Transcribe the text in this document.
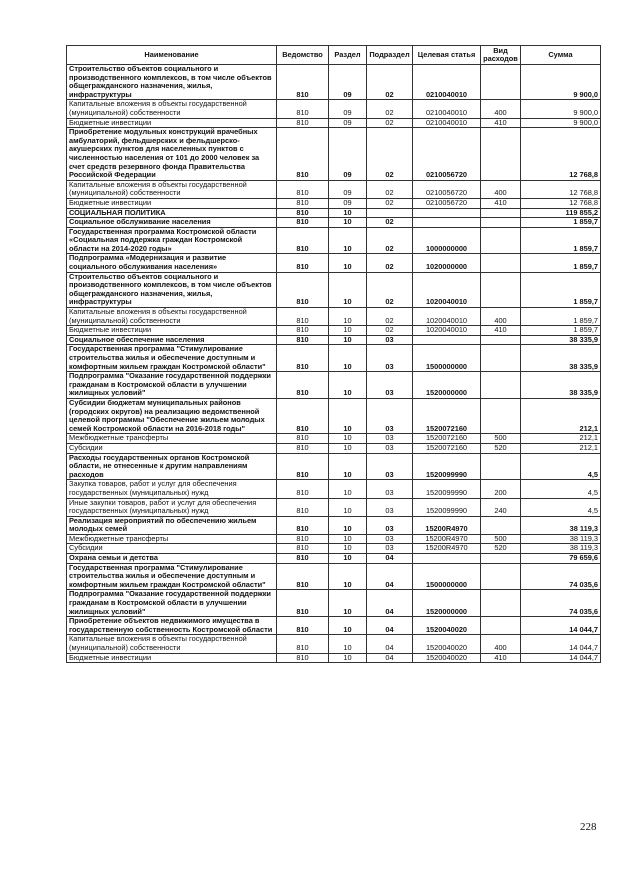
Наименование	Ведомство	Раздел	Подраздел	Целевая статья	Вид расходов	Сумма
Строительство объектов социального и производственного комплексов, в том числе объектов общегражданского назначения, жилья, инфраструктуры	810	09	02	0210040010		9 900,0
Капитальные вложения в объекты государственной (муниципальной) собственности	810	09	02	0210040010	400	9 900,0
Бюджетные инвестиции	810	09	02	0210040010	410	9 900,0
Приобретение модульных конструкций врачебных амбулаторий, фельдшерских и фельдшерско-акушерских пунктов для населенных пунктов с численностью населения от 101 до 2000 человек за счет средств резервного фонда Правительства Российской Федерации	810	09	02	0210056720		12 768,8
Капитальные вложения в объекты государственной (муниципальной) собственности	810	09	02	0210056720	400	12 768,8
Бюджетные инвестиции	810	09	02	0210056720	410	12 768,8
СОЦИАЛЬНАЯ ПОЛИТИКА	810	10				119 855,2
Социальное обслуживание населения	810	10	02			1 859,7
Государственная программа Костромской области «Социальная поддержка граждан Костромской области на 2014-2020 годы»	810	10	02	1000000000		1 859,7
Подпрограмма «Модернизация и развитие социального обслуживания населения»	810	10	02	1020000000		1 859,7
Строительство объектов социального и производственного комплексов, в том числе объектов общегражданского назначения, жилья, инфраструктуры	810	10	02	1020040010		1 859,7
Капитальные вложения в объекты государственной (муниципальной) собственности	810	10	02	1020040010	400	1 859,7
Бюджетные инвестиции	810	10	02	1020040010	410	1 859,7
Социальное обеспечение населения	810	10	03			38 335,9
Государственная программа "Стимулирование строительства жилья и обеспечение доступным и комфортным жильем граждан Костромской области"	810	10	03	1500000000		38 335,9
Подпрограмма "Оказание государственной поддержки гражданам в Костромской области в улучшении жилищных условий"	810	10	03	1520000000		38 335,9
Субсидии бюджетам муниципальных районов (городских округов) на реализацию ведомственной целевой программы "Обеспечение жильем молодых семей Костромской области на 2016-2018 годы"	810	10	03	1520072160		212,1
Межбюджетные трансферты	810	10	03	1520072160	500	212,1
Субсидии	810	10	03	1520072160	520	212,1
Расходы государственных органов Костромской области, не отнесенные к другим направлениям расходов	810	10	03	1520099990		4,5
Закупка товаров, работ и услуг для обеспечения государственных (муниципальных) нужд	810	10	03	1520099990	200	4,5
Иные закупки товаров, работ и услуг для обеспечения государственных (муниципальных) нужд	810	10	03	1520099990	240	4,5
Реализация мероприятий по обеспечению жильем молодых семей	810	10	03	15200R4970		38 119,3
Межбюджетные трансферты	810	10	03	15200R4970	500	38 119,3
Субсидии	810	10	03	15200R4970	520	38 119,3
Охрана семьи и детства	810	10	04			79 659,6
Государственная программа "Стимулирование строительства жилья и обеспечение доступным и комфортным жильем граждан Костромской области"	810	10	04	1500000000		74 035,6
Подпрограмма "Оказание государственной поддержки гражданам в Костромской области в улучшении жилищных условий"	810	10	04	1520000000		74 035,6
Приобретение объектов недвижимого имущества в государственную собственность Костромской области	810	10	04	1520040020		14 044,7
Капитальные вложения в объекты государственной (муниципальной) собственности	810	10	04	1520040020	400	14 044,7
Бюджетные инвестиции	810	10	04	1520040020	410	14 044,7
228
